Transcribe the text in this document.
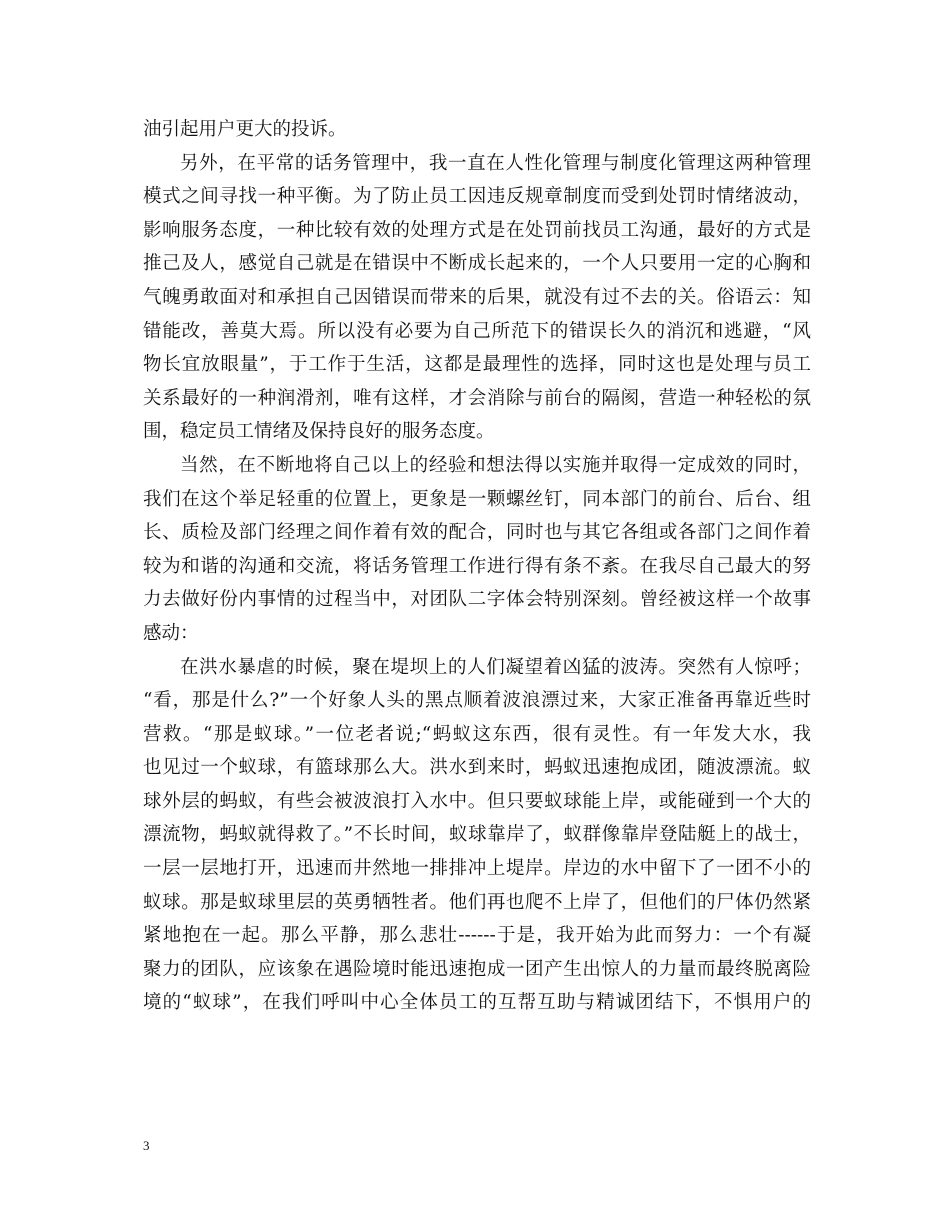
油引起用户更大的投诉。
另外，在平常的话务管理中，我一直在人性化管理与制度化管理这两种管理
模式之间寻找一种平衡。为了防止员工因违反规章制度而受到处罚时情绪波动，
影响服务态度，一种比较有效的处理方式是在处罚前找员工沟通，最好的方式是
推己及人，感觉自己就是在错误中不断成长起来的，一个人只要用一定的心胸和
气魄勇敢面对和承担自己因错误而带来的后果，就没有过不去的关。俗语云：知
错能改，善莫大焉。所以没有必要为自己所范下的错误长久的消沉和逃避，“风
物长宜放眼量”，于工作于生活，这都是最理性的选择，同时这也是处理与员工
关系最好的一种润滑剂，唯有这样，才会消除与前台的隔阂，营造一种轻松的氛
围，稳定员工情绪及保持良好的服务态度。
当然，在不断地将自己以上的经验和想法得以实施并取得一定成效的同时，
我们在这个举足轻重的位置上，更象是一颗螺丝钉，同本部门的前台、后台、组
长、质检及部门经理之间作着有效的配合，同时也与其它各组或各部门之间作着
较为和谐的沟通和交流，将话务管理工作进行得有条不紊。在我尽自己最大的努
力去做好份内事情的过程当中，对团队二字体会特别深刻。曾经被这样一个故事
感动：
在洪水暴虐的时候，聚在堤坝上的人们凝望着凶猛的波涛。突然有人惊呼；
“看，那是什么?”一个好象人头的黑点顺着波浪漂过来，大家正准备再靠近些时
营救。“那是蚁球。”一位老者说;“蚂蚁这东西，很有灵性。有一年发大水，我
也见过一个蚁球，有篮球那么大。洪水到来时，蚂蚁迅速抱成团，随波漂流。蚁
球外层的蚂蚁，有些会被波浪打入水中。但只要蚁球能上岸，或能碰到一个大的
漂流物，蚂蚁就得救了。”不长时间，蚁球靠岸了，蚁群像靠岸登陆艇上的战士，
一层一层地打开，迅速而井然地一排排冲上堤岸。岸边的水中留下了一团不小的
蚁球。那是蚁球里层的英勇牺牲者。他们再也爬不上岸了，但他们的尸体仍然紧
紧地抱在一起。那么平静，那么悲壮------于是，我开始为此而努力：一个有凝
聚力的团队，应该象在遇险境时能迅速抱成一团产生出惊人的力量而最终脱离险
境的“蚁球”，在我们呼叫中心全体员工的互帮互助与精诚团结下，不惧用户的
3
